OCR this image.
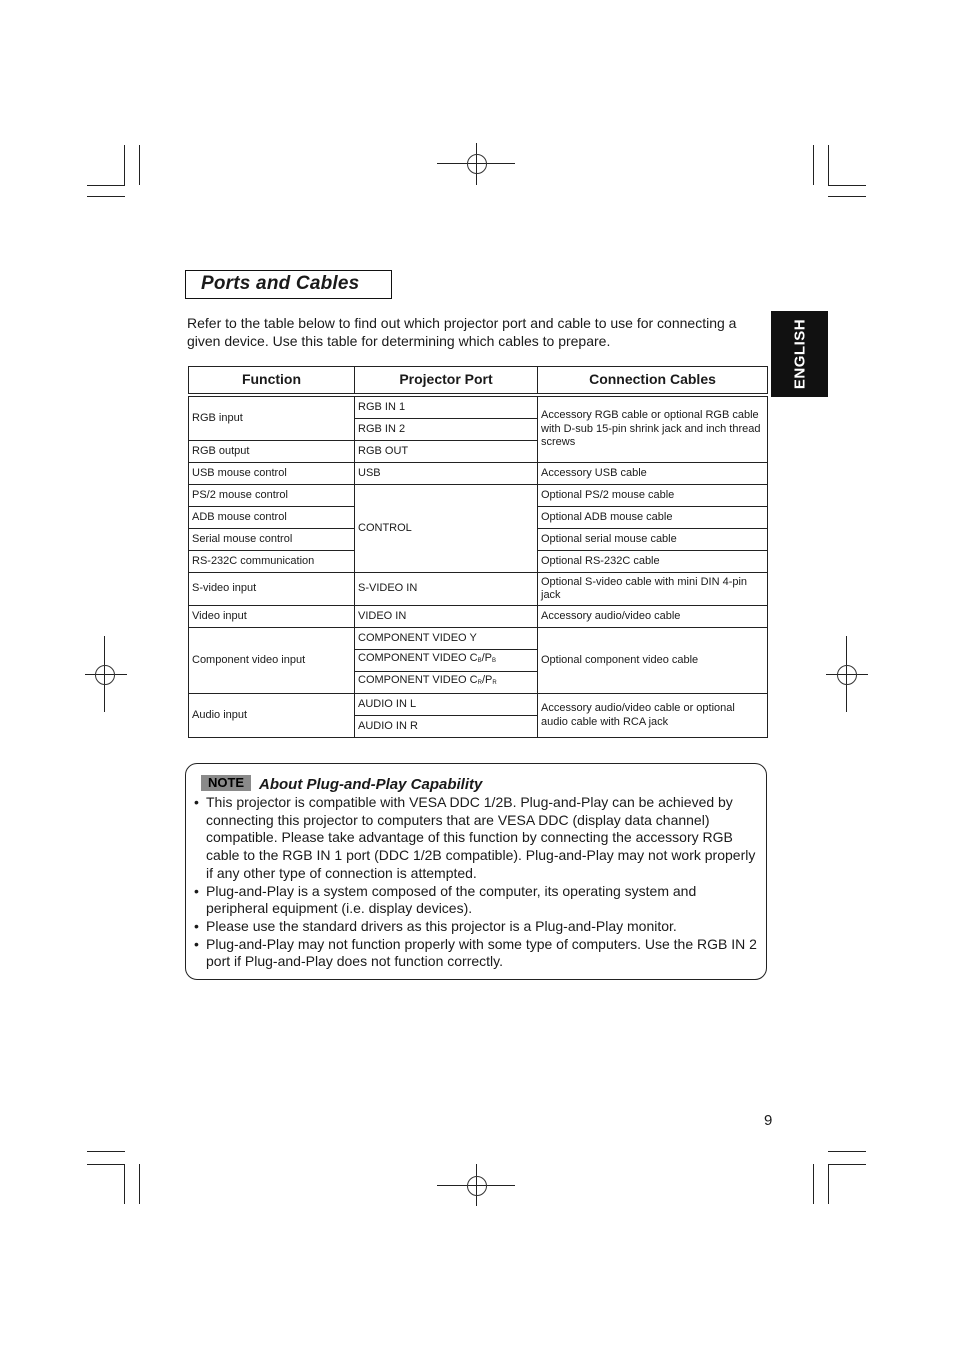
Ports and Cables
ENGLISH
Refer to the table below to find out which projector port and cable to use for connecting a given device. Use this table for determining which cables to prepare.
Function	Projector Port	Connection Cables

RGB input	RGB IN 1	Accessory RGB cable or optional RGB cable with D-sub 15-pin shrink jack and inch thread screws
	RGB IN 2	
RGB output	RGB OUT	
USB mouse control	USB	Accessory USB cable
PS/2 mouse control	CONTROL	Optional PS/2 mouse cable
ADB mouse control		Optional ADB mouse cable
Serial mouse control		Optional serial mouse cable
RS-232C communication		Optional RS-232C cable
S-video input	S-VIDEO IN	Optional S-video cable with mini DIN 4-pin jack
Video input	VIDEO IN	Accessory audio/video cable
Component video input	COMPONENT VIDEO Y	Optional component video cable
	COMPONENT VIDEO $C_B/P_B$
	COMPONENT VIDEO $C_R/P_R$
Audio input	AUDIO IN L	Accessory audio/video cable or optional audio cable with RCA jack
	AUDIO IN R	
NOTE About Plug-and-Play Capability
• This projector is compatible with VESA DDC 1/2B. Plug-and-Play can be achieved by connecting this projector to computers that are VESA DDC (display data channel) compatible. Please take advantage of this function by connecting the accessory RGB cable to the RGB IN 1 port (DDC 1/2B compatible). Plug-and-Play may not work properly if any other type of connection is attempted.
• Plug-and-Play is a system composed of the computer, its operating system and peripheral equipment (i.e. display devices).
• Please use the standard drivers as this projector is a Plug-and-Play monitor.
• Plug-and-Play may not function properly with some type of computers. Use the RGB IN 2 port if Plug-and-Play does not function correctly.
9
